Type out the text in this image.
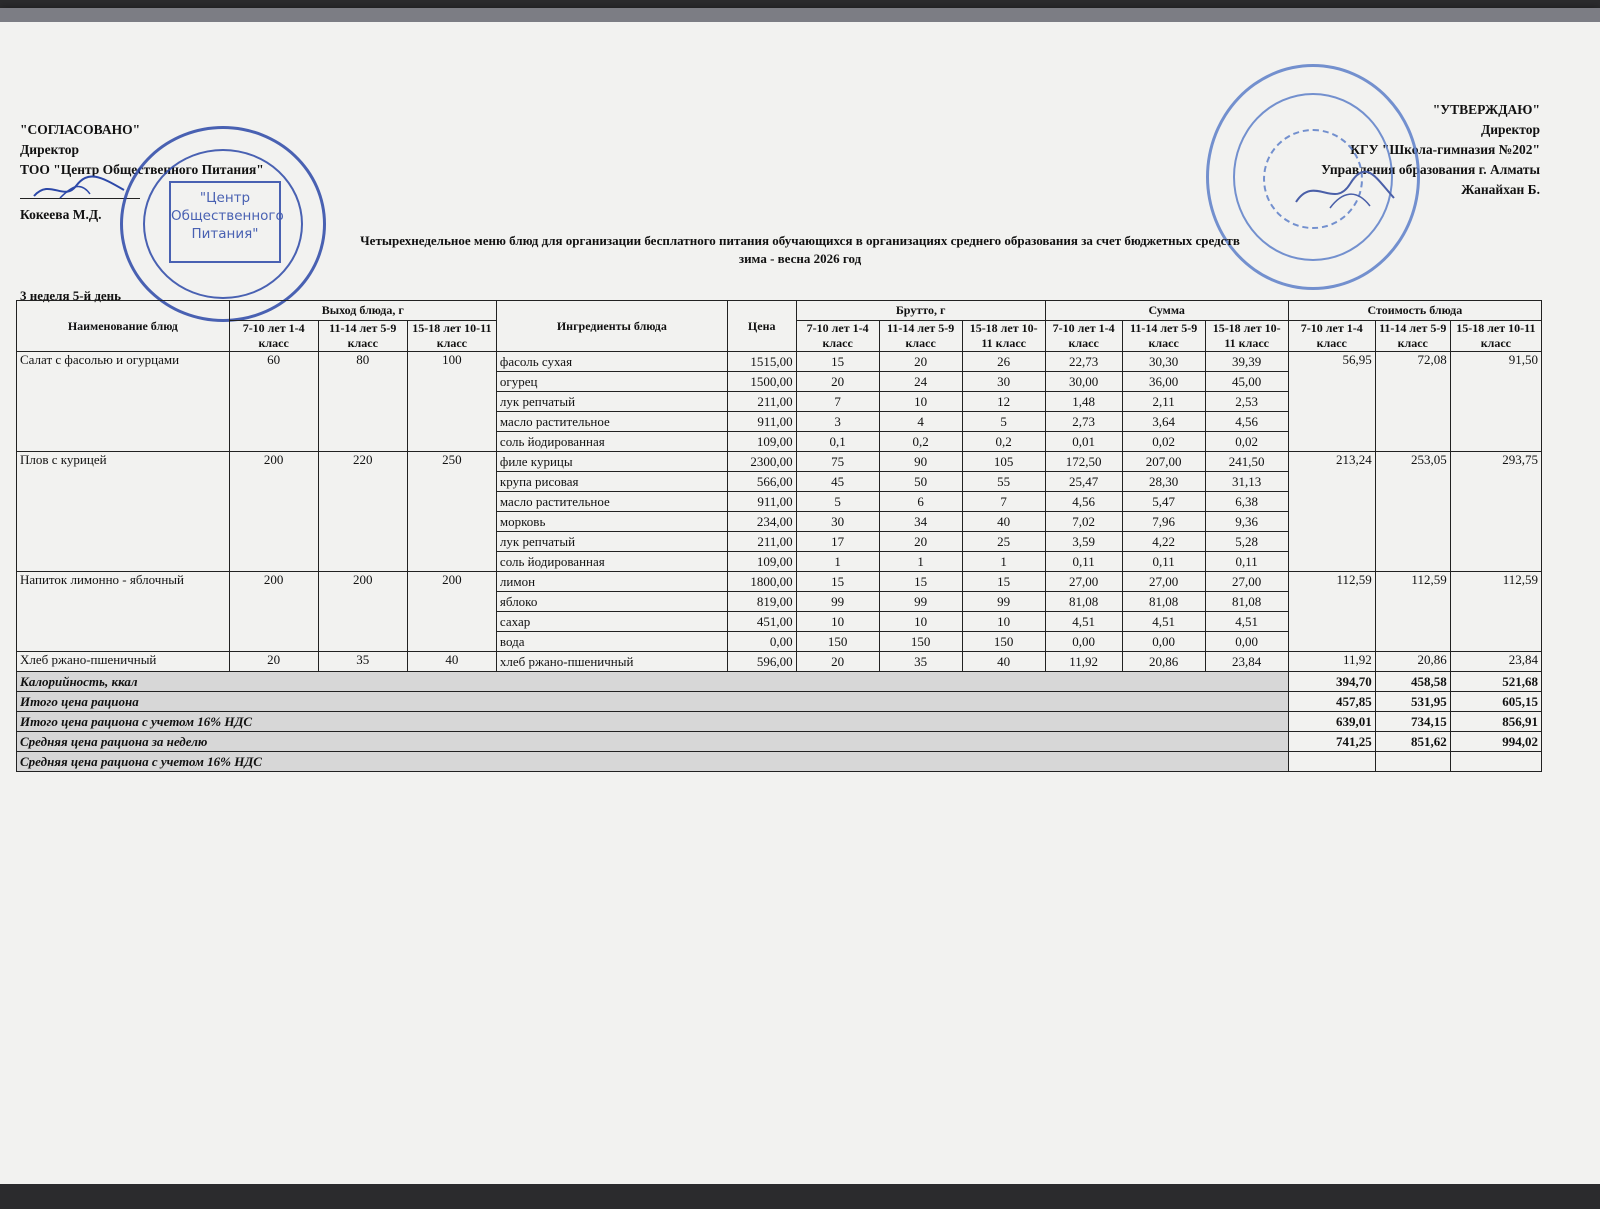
"СОГЛАСОВАНО"
Директор
ТОО "Центр Общественного Питания"
Кокеева М.Д.
"УТВЕРЖДАЮ"
Директор
КГУ "Школа-гимназия №202"
Управления образования г. Алматы
Жанайхан Б.
"Центр Общественного Питания"	Четырехнедельное меню блюд для организации бесплатного питания обучающихся в организациях среднего образования за счет бюджетных средств
зима - весна 2026 год
3 неделя 5-й день
Наименование блюд	Выход блюда, г			Ингредиенты блюда	Цена	Брутто, г			Сумма			Стоимость блюда		
	7-10 лет 1-4 класс	11-14 лет 5-9 класс	15-18 лет 10-11 класс			7-10 лет 1-4 класс	11-14 лет 5-9 класс	15-18 лет 10-11 класс	7-10 лет 1-4 класс	11-14 лет 5-9 класс	15-18 лет 10-11 класс	7-10 лет 1-4 класс	11-14 лет 5-9 класс	15-18 лет 10-11 класс
Салат с фасолью и огурцами	60	80	100	фасоль сухая	1515,00	15	20	26	22,73	30,30	39,39	56,95	72,08	91,50
				огурец	1500,00	20	24	30	30,00	36,00	45,00			
				лук репчатый	211,00	7	10	12	1,48	2,11	2,53			
				масло растительное	911,00	3	4	5	2,73	3,64	4,56			
				соль йодированная	109,00	0,1	0,2	0,2	0,01	0,02	0,02			
Плов с курицей	200	220	250	филе курицы	2300,00	75	90	105	172,50	207,00	241,50	213,24	253,05	293,75
				крупа рисовая	566,00	45	50	55	25,47	28,30	31,13			
				масло растительное	911,00	5	6	7	4,56	5,47	6,38			
				морковь	234,00	30	34	40	7,02	7,96	9,36			
				лук репчатый	211,00	17	20	25	3,59	4,22	5,28			
				соль йодированная	109,00	1	1	1	0,11	0,11	0,11			
Напиток лимонно - яблочный	200	200	200	лимон	1800,00	15	15	15	27,00	27,00	27,00	112,59	112,59	112,59
				яблоко	819,00	99	99	99	81,08	81,08	81,08			
				сахар	451,00	10	10	10	4,51	4,51	4,51			
				вода	0,00	150	150	150	0,00	0,00	0,00			
Хлеб ржано-пшеничный	20	35	40	хлеб ржано-пшеничный	596,00	20	35	40	11,92	20,86	23,84	11,92	20,86	23,84
Калорийность, ккал												394,70	458,58	521,68
Итого цена рациона												457,85	531,95	605,15
Итого цена рациона с учетом 16% НДС												639,01	734,15	856,91
Средняя цена рациона за неделю												741,25	851,62	994,02
Средняя цена рациона с учетом 16% НДС														
